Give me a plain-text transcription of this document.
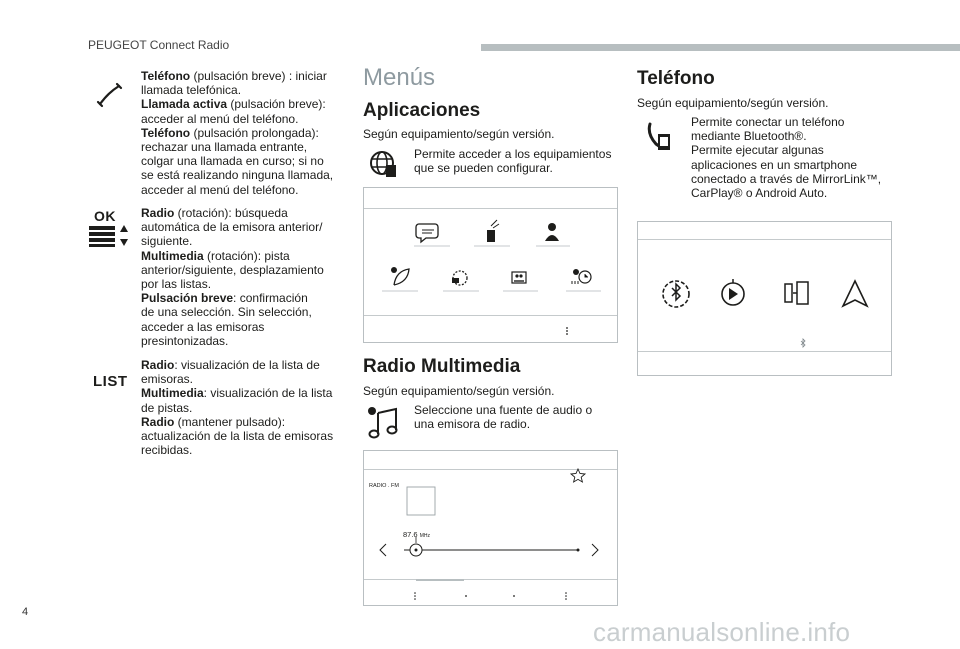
PEUGEOT Connect Radio
4
carmanualsonline.info
Teléfono (pulsación breve) : iniciar
llamada telefónica.
Llamada activa (pulsación breve):
acceder al menú del teléfono.
Teléfono (pulsación prolongada):
rechazar una llamada entrante,
colgar una llamada en curso; si no
se está realizando ninguna llamada,
acceder al menú del teléfono.
OK Radio (rotación): búsqueda
automática de la emisora anterior/
siguiente.
Multimedia (rotación): pista
anterior/siguiente, desplazamiento
por las listas.
Pulsación breve: confirmación
de una selección. Sin selección,
acceder a las emisoras
presintonizadas.
LIST
Radio: visualización de la lista de
emisoras.
Multimedia: visualización de la lista
de pistas.
Radio (mantener pulsado):
actualización de la lista de emisoras
recibidas.
Menús
Aplicaciones
Según equipamiento/según versión.
Permite acceder a los equipamientos
que se pueden configurar.
Radio Multimedia
Según equipamiento/según versión.
Seleccione una fuente de audio o
una emisora de radio.
RADIO . FM
87.6 MHz
Teléfono
Según equipamiento/según versión.
Permite conectar un teléfono
mediante Bluetooth®.
Permite ejecutar algunas
aplicaciones en un smartphone
conectado a través de MirrorLink™,
CarPlay® o Android Auto.
